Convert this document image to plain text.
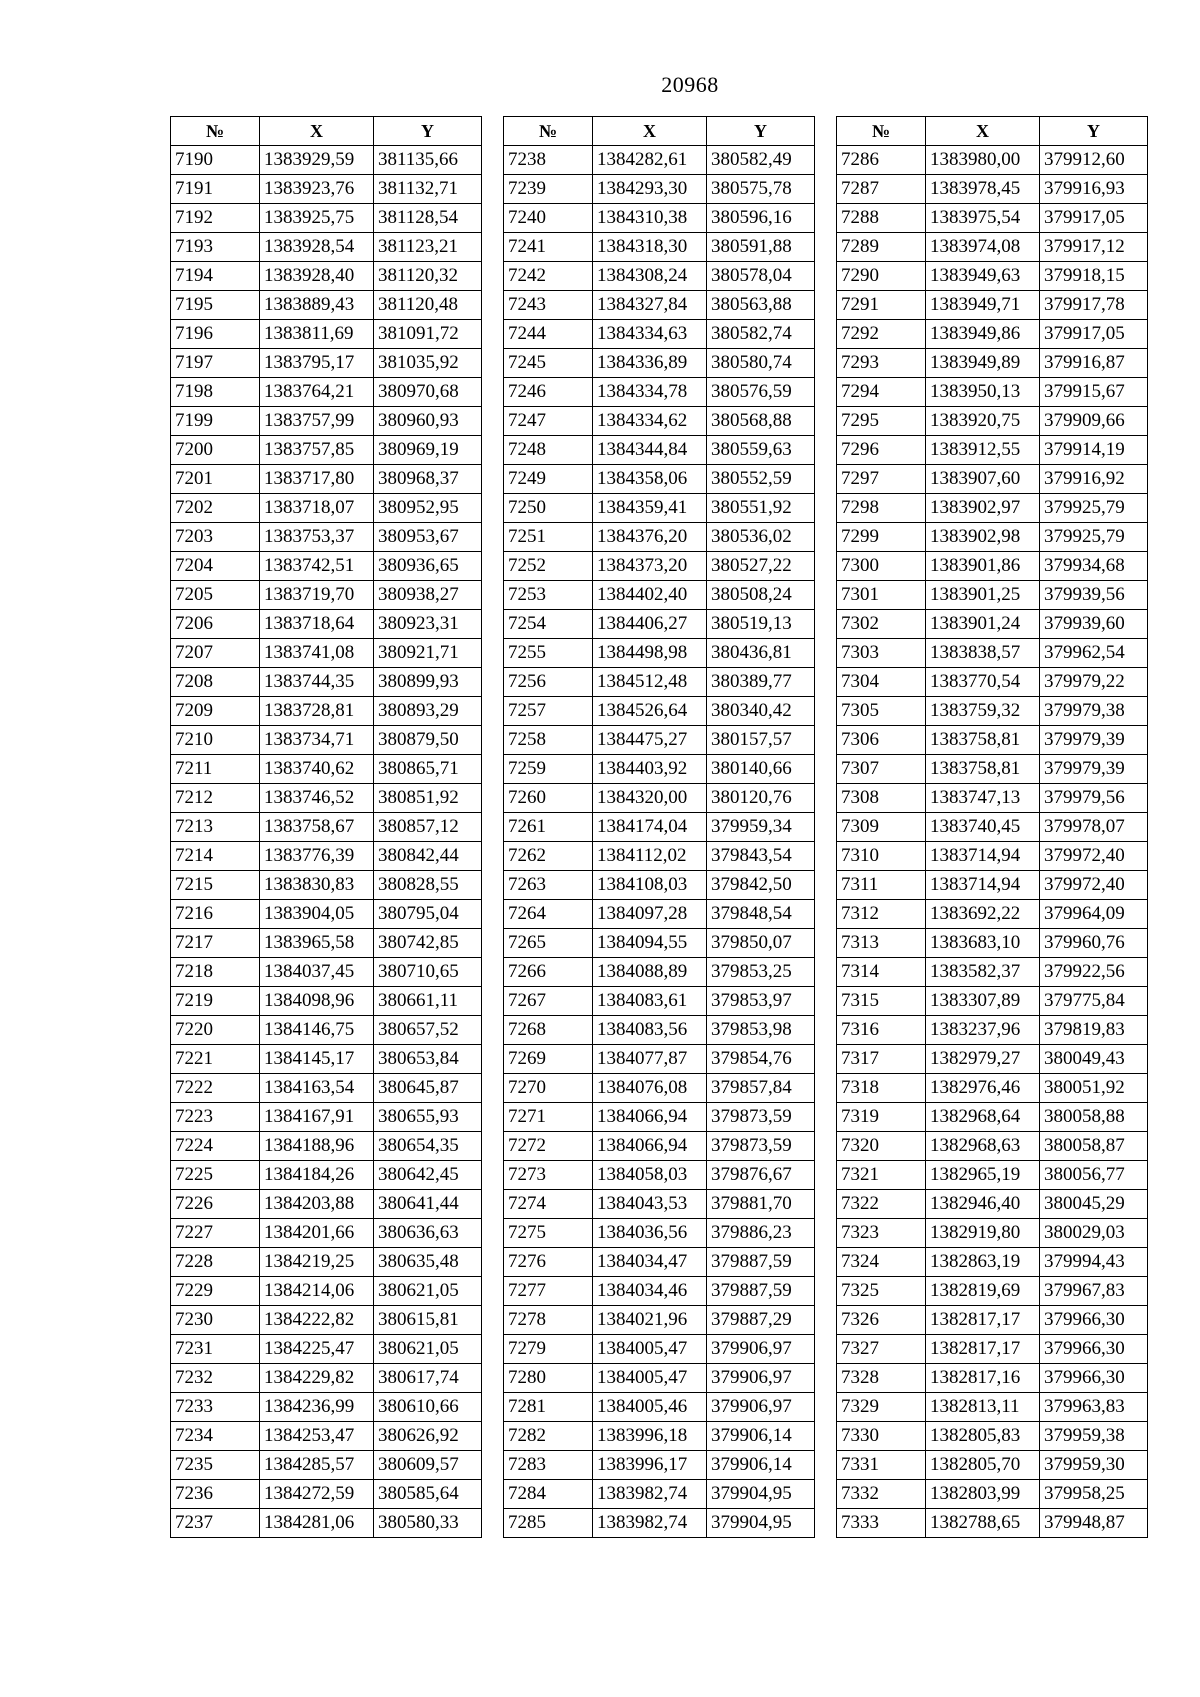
20968
№	X	Y
7190	1383929,59	381135,66
7191	1383923,76	381132,71
7192	1383925,75	381128,54
7193	1383928,54	381123,21
7194	1383928,40	381120,32
7195	1383889,43	381120,48
7196	1383811,69	381091,72
7197	1383795,17	381035,92
7198	1383764,21	380970,68
7199	1383757,99	380960,93
7200	1383757,85	380969,19
7201	1383717,80	380968,37
7202	1383718,07	380952,95
7203	1383753,37	380953,67
7204	1383742,51	380936,65
7205	1383719,70	380938,27
7206	1383718,64	380923,31
7207	1383741,08	380921,71
7208	1383744,35	380899,93
7209	1383728,81	380893,29
7210	1383734,71	380879,50
7211	1383740,62	380865,71
7212	1383746,52	380851,92
7213	1383758,67	380857,12
7214	1383776,39	380842,44
7215	1383830,83	380828,55
7216	1383904,05	380795,04
7217	1383965,58	380742,85
7218	1384037,45	380710,65
7219	1384098,96	380661,11
7220	1384146,75	380657,52
7221	1384145,17	380653,84
7222	1384163,54	380645,87
7223	1384167,91	380655,93
7224	1384188,96	380654,35
7225	1384184,26	380642,45
7226	1384203,88	380641,44
7227	1384201,66	380636,63
7228	1384219,25	380635,48
7229	1384214,06	380621,05
7230	1384222,82	380615,81
7231	1384225,47	380621,05
7232	1384229,82	380617,74
7233	1384236,99	380610,66
7234	1384253,47	380626,92
7235	1384285,57	380609,57
7236	1384272,59	380585,64
7237	1384281,06	380580,33
№	X	Y
7238	1384282,61	380582,49
7239	1384293,30	380575,78
7240	1384310,38	380596,16
7241	1384318,30	380591,88
7242	1384308,24	380578,04
7243	1384327,84	380563,88
7244	1384334,63	380582,74
7245	1384336,89	380580,74
7246	1384334,78	380576,59
7247	1384334,62	380568,88
7248	1384344,84	380559,63
7249	1384358,06	380552,59
7250	1384359,41	380551,92
7251	1384376,20	380536,02
7252	1384373,20	380527,22
7253	1384402,40	380508,24
7254	1384406,27	380519,13
7255	1384498,98	380436,81
7256	1384512,48	380389,77
7257	1384526,64	380340,42
7258	1384475,27	380157,57
7259	1384403,92	380140,66
7260	1384320,00	380120,76
7261	1384174,04	379959,34
7262	1384112,02	379843,54
7263	1384108,03	379842,50
7264	1384097,28	379848,54
7265	1384094,55	379850,07
7266	1384088,89	379853,25
7267	1384083,61	379853,97
7268	1384083,56	379853,98
7269	1384077,87	379854,76
7270	1384076,08	379857,84
7271	1384066,94	379873,59
7272	1384066,94	379873,59
7273	1384058,03	379876,67
7274	1384043,53	379881,70
7275	1384036,56	379886,23
7276	1384034,47	379887,59
7277	1384034,46	379887,59
7278	1384021,96	379887,29
7279	1384005,47	379906,97
7280	1384005,47	379906,97
7281	1384005,46	379906,97
7282	1383996,18	379906,14
7283	1383996,17	379906,14
7284	1383982,74	379904,95
7285	1383982,74	379904,95
№	X	Y
7286	1383980,00	379912,60
7287	1383978,45	379916,93
7288	1383975,54	379917,05
7289	1383974,08	379917,12
7290	1383949,63	379918,15
7291	1383949,71	379917,78
7292	1383949,86	379917,05
7293	1383949,89	379916,87
7294	1383950,13	379915,67
7295	1383920,75	379909,66
7296	1383912,55	379914,19
7297	1383907,60	379916,92
7298	1383902,97	379925,79
7299	1383902,98	379925,79
7300	1383901,86	379934,68
7301	1383901,25	379939,56
7302	1383901,24	379939,60
7303	1383838,57	379962,54
7304	1383770,54	379979,22
7305	1383759,32	379979,38
7306	1383758,81	379979,39
7307	1383758,81	379979,39
7308	1383747,13	379979,56
7309	1383740,45	379978,07
7310	1383714,94	379972,40
7311	1383714,94	379972,40
7312	1383692,22	379964,09
7313	1383683,10	379960,76
7314	1383582,37	379922,56
7315	1383307,89	379775,84
7316	1383237,96	379819,83
7317	1382979,27	380049,43
7318	1382976,46	380051,92
7319	1382968,64	380058,88
7320	1382968,63	380058,87
7321	1382965,19	380056,77
7322	1382946,40	380045,29
7323	1382919,80	380029,03
7324	1382863,19	379994,43
7325	1382819,69	379967,83
7326	1382817,17	379966,30
7327	1382817,17	379966,30
7328	1382817,16	379966,30
7329	1382813,11	379963,83
7330	1382805,83	379959,38
7331	1382805,70	379959,30
7332	1382803,99	379958,25
7333	1382788,65	379948,87
